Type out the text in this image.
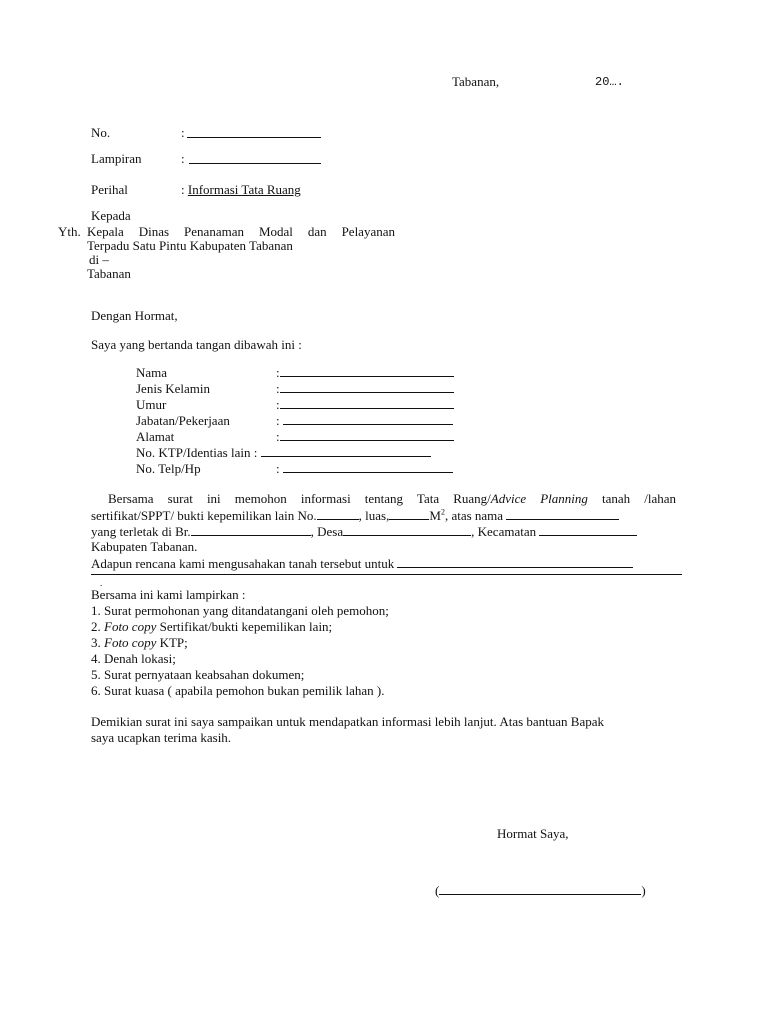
Tabanan,	20….
No.	:
Lampiran	:
Perihal	: Informasi Tata Ruang
Kepada
Yth. Kepala Dinas Penanaman Modal dan Pelayanan
Terpadu Satu Pintu Kabupaten Tabanan
di –
Tabanan
Dengan Hormat,
Saya yang bertanda tangan dibawah ini :
Nama	:
Jenis Kelamin	:
Umur	:
Jabatan/Pekerjaan	:
Alamat	:
No. KTP/Identias lain :
No. Telp/Hp	:
Bersama surat ini memohon informasi tentang Tata Ruang/Advice Planning tanah /lahan
sertifikat/SPPT/ bukti kepemilikan lain No.	, luas,	$M^2$, atas nama
yang terletak di Br.	, Desa	, Kecamatan
Kabupaten Tabanan.
Adapun rencana kami mengusahakan tanah tersebut untuk
.
Bersama ini kami lampirkan :
1. Surat permohonan yang ditandatangani oleh pemohon;
2. Foto copy Sertifikat/bukti kepemilikan lain;
3. Foto copy KTP;
4. Denah lokasi;
5. Surat pernyataan keabsahan dokumen;
6. Surat kuasa ( apabila pemohon bukan pemilik lahan ).
Demikian surat ini saya sampaikan untuk mendapatkan informasi lebih lanjut. Atas bantuan Bapak
saya ucapkan terima kasih.
Hormat Saya,
(	)
